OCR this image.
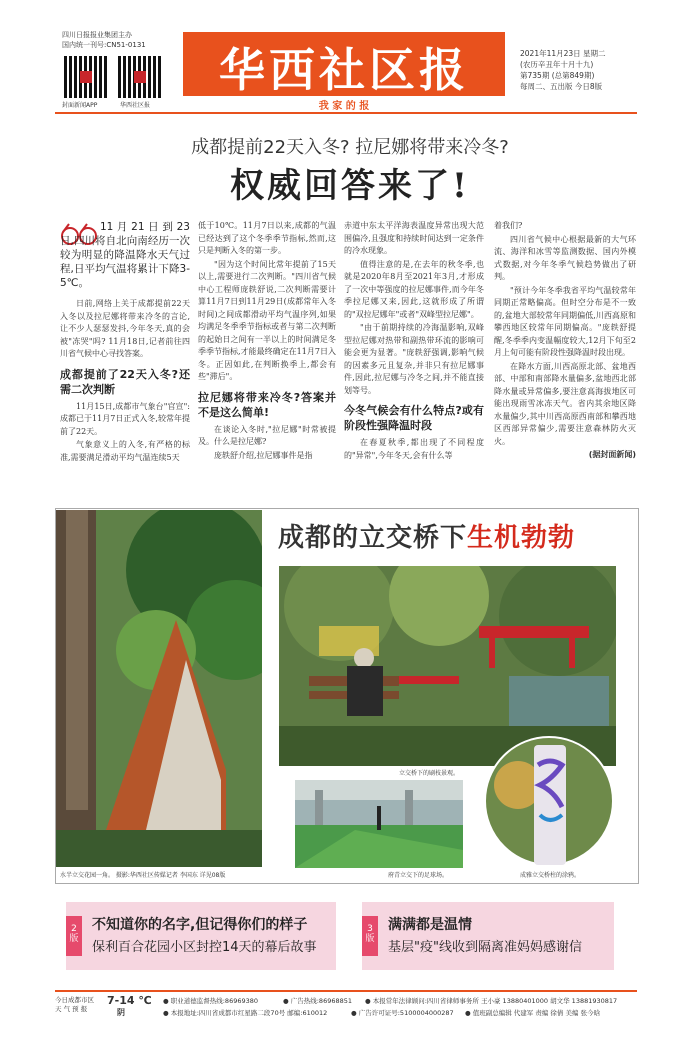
四川日报报业集团主办
国内统一刊号:CN51-0131
封面新闻APP	华西社区报
华西社区报
我 家 的 报
2021年11月23日 星期二
(农历辛丑年十月十九)
第735期 (总第849期)
每周二、五出版 今日8版
成都提前22天入冬? 拉尼娜将带来冷冬?
权威回答来了!
11 月 21 日 到 23 日,四川将自北向南经历一次较为明显的降温降水天气过程,日平均气温将累计下降3-5℃。

日前,网络上关于成都提前22天入冬以及拉尼娜将带来冷冬的言论,让不少人瑟瑟发抖,今年冬天,真的会被"冻哭"吗? 11月18日,记者前往四川省气候中心寻找答案。

成都提前了22天入冬?还需二次判断

11月15日,成都市气象台"官宣":成都已于11月7日正式入冬,较常年提前了22天。

气象意义上的入冬,有严格的标准,需要满足滑动平均气温连续5天

低于10℃。11月7日以来,成都的气温已经达到了这个冬季季节指标,然而,这只是判断入冬的第一步。

"因为这个时间比常年提前了15天以上,需要进行二次判断。"四川省气候中心工程师庞轶舒说,二次判断需要计算11月7日到11月29日(成都常年入冬时间)之间成都滑动平均气温序列,如果均满足冬季季节指标或者与第二次判断的起始日之间有一半以上的时间满足冬季季节指标,才能最终确定在11月7日入冬。正因如此,在判断换季上,都会有些"滞后"。

拉尼娜将带来冷冬?答案并不是这么简单!

在谈论入冬时,"拉尼娜"时常被提及。什么是拉尼娜?

庞轶舒介绍,拉尼娜事件是指

赤道中东太平洋海表温度异常出现大范围偏冷,且强度和持续时间达到一定条件的冷水现象。

值得注意的是,在去年的秋冬季,也就是2020年8月至2021年3月,才形成了一次中等强度的拉尼娜事件,而今年冬季拉尼娜又来,因此,这就形成了所谓的"双拉尼娜年"或者"双峰型拉尼娜"。

"由于前期持续的冷海温影响,双峰型拉尼娜对热带和副热带环流的影响可能会更为显著。"庞轶舒强调,影响气候的因素多元且复杂,并非只有拉尼娜事件,因此,拉尼娜与冷冬之间,并不能直接划等号。

今冬气候会有什么特点?或有阶段性强降温时段

在春夏秋季,都出现了不同程度的"异常",今年冬天,会有什么等

着我们?

四川省气候中心根据最新的大气环流、海洋和冰雪等监测数据、国内外模式数据,对今年冬季气候趋势做出了研判。

"预计今年冬季我省平均气温较常年同期正常略偏高。但时空分布是不一致的,盆地大部较常年同期偏低,川西高原和攀西地区较常年同期偏高。"庞轶舒提醒,冬季季内变温幅度较大,12月下旬至2月上旬可能有阶段性强降温时段出现。

在降水方面,川西高原北部、盆地西部、中部和南部降水量偏多,盆地西北部降水量或异常偏多,要注意高海拔地区可能出现雨雪冰冻天气。省内其余地区降水量偏少,其中川西高原西南部和攀西地区西部异常偏少,需要注意森林防火灭火。

(据封面新闻)
成都的立交桥下生机勃勃
水半立交花园一角。 摄影:华西社区传媒记者 李国东 详见08版
立交桥下的刷枝景观。
府青立交下的足球场。	成雅立交桥柱的涂鸦。
2
版
不知道你的名字,但记得你们的样子
保利百合花园小区封控14天的幕后故事
3
版
满满都是温情
基层"疫"线收到隔离准妈妈感谢信
今日成都市区
天 气 预 报
7-14 ℃
阴
● 职业道德监督热线:86969380
● 本报地址:四川省成都市红星路二段70号 邮编:610012
● 广告热线:86968851
● 广告许可证号:5100004000287
● 本报常年法律顾问:四川省律师事务所 王小豪 13880401000 胡文华 13881930817
● 值班副总编辑 代建军 责编 徐倩 美编 张今晗
